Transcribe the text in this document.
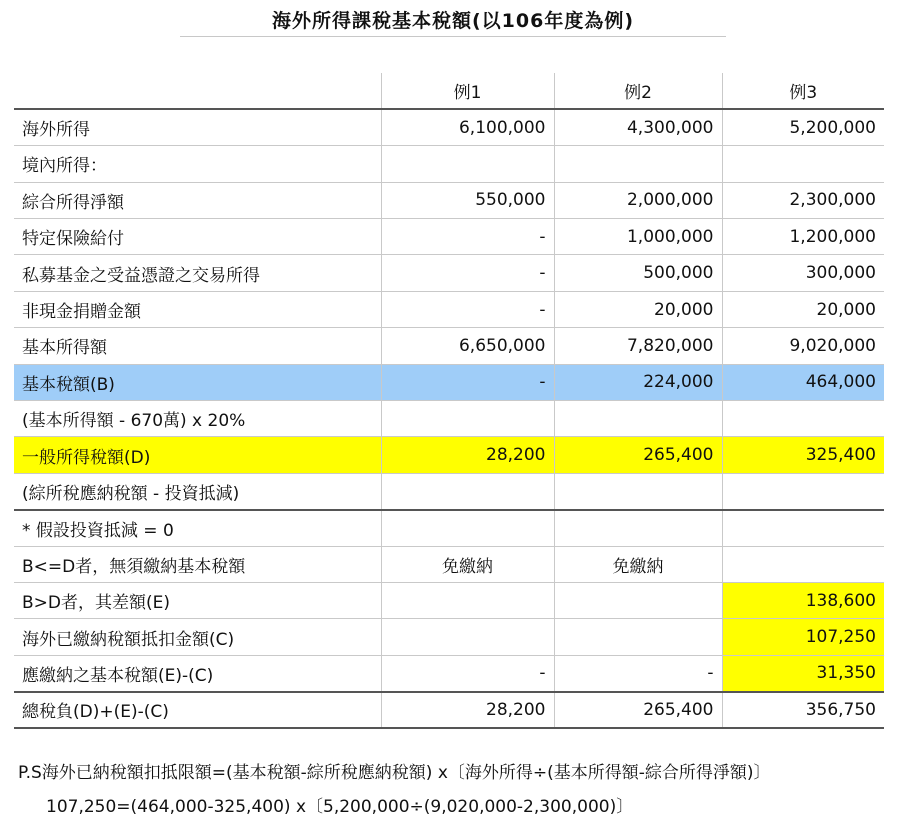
海外所得課稅基本稅額(以106年度為例)
	例1	例2	例3
海外所得	6,100,000	4,300,000	5,200,000
境內所得：			
綜合所得淨額	550,000	2,000,000	2,300,000
特定保險給付	-	1,000,000	1,200,000
私募基金之受益憑證之交易所得	-	500,000	300,000
非現金捐贈金額	-	20,000	20,000
基本所得額	6,650,000	7,820,000	9,020,000
基本稅額(B)	-	224,000	464,000
(基本所得額 - 670萬) x 20%			
一般所得稅額(D)	28,200	265,400	325,400
(綜所稅應納稅額 - 投資抵減)			
* 假設投資抵減 = 0			
B<=D者，無須繳納基本稅額	免繳納	免繳納	
B>D者，其差額(E)			138,600
海外已繳納稅額抵扣金額(C)			107,250
應繳納之基本稅額(E)-(C)	-	-	31,350
總稅負(D)+(E)-(C)	28,200	265,400	356,750
P.S海外已納稅額扣抵限額=(基本稅額-綜所稅應納稅額) x〔海外所得÷(基本所得額-綜合所得淨額)〕
107,250=(464,000-325,400) x〔5,200,000÷(9,020,000-2,300,000)〕
